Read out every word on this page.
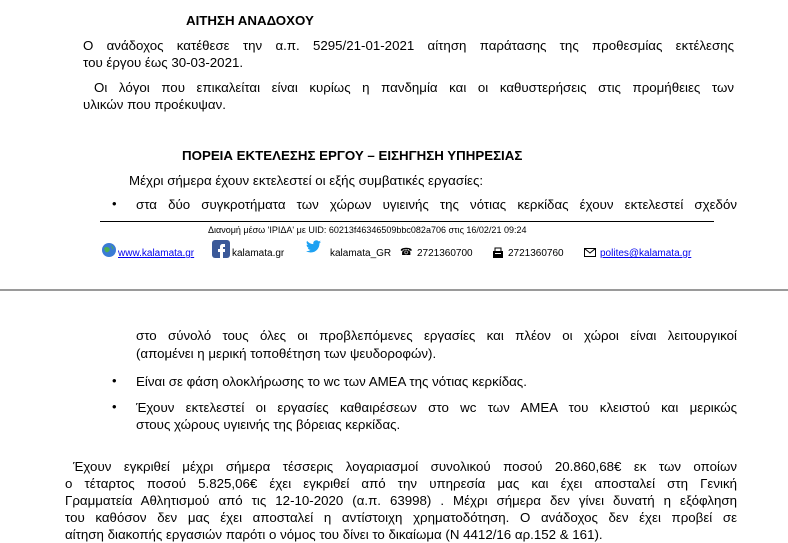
ΑΙΤΗΣΗ ΑΝΑΔΟΧΟΥ
Ο ανάδοχος κατέθεσε την α.π. 5295/21-01-2021 αίτηση παράτασης της προθεσμίας εκτέλεσης
του έργου έως 30-03-2021.
Οι λόγοι που επικαλείται είναι κυρίως η πανδημία και οι καθυστερήσεις στις προμήθειες των
υλικών που προέκυψαν.
ΠΟΡΕΙΑ ΕΚΤΕΛΕΣΗΣ ΕΡΓΟΥ – ΕΙΣΗΓΗΣΗ ΥΠΗΡΕΣΙΑΣ
Μέχρι σήμερα έχουν εκτελεστεί οι εξής συμβατικές εργασίες:
• στα δύο συγκροτήματα των χώρων υγιεινής της νότιας κερκίδας έχουν εκτελεστεί σχεδόν
Διανομή μέσω 'ΙΡΙΔΑ' με UID: 60213f46346509bbc082a706 στις 16/02/21 09:24
www.kalamata.gr	kalamata.gr	kalamata_GR ☎ 2721360700	2721360760	polites@kalamata.gr
στο σύνολό τους όλες οι προβλεπόμενες εργασίες και πλέον οι χώροι είναι λειτουργικοί
(απομένει η μερική τοποθέτηση των ψευδοροφών).
• Είναι σε φάση ολοκλήρωσης το wc των ΑΜΕΑ της νότιας κερκίδας.
• Έχουν εκτελεστεί οι εργασίες καθαιρέσεων στο wc των ΑΜΕΑ του κλειστού και μερικώς
στους χώρους υγιεινής της βόρειας κερκίδας.
Έχουν εγκριθεί μέχρι σήμερα τέσσερις λογαριασμοί συνολικού ποσού 20.860,68€ εκ των οποίων
ο τέταρτος ποσού 5.825,06€ έχει εγκριθεί από την υπηρεσία μας και έχει αποσταλεί στη Γενική
Γραμματεία Αθλητισμού από τις 12-10-2020 (α.π. 63998) . Μέχρι σήμερα δεν γίνει δυνατή η εξόφληση
του καθόσον δεν μας έχει αποσταλεί η αντίστοιχη χρηματοδότηση. Ο ανάδοχος δεν έχει προβεί σε
αίτηση διακοπής εργασιών παρότι ο νόμος του δίνει το δικαίωμα (Ν 4412/16 αρ.152 & 161).
